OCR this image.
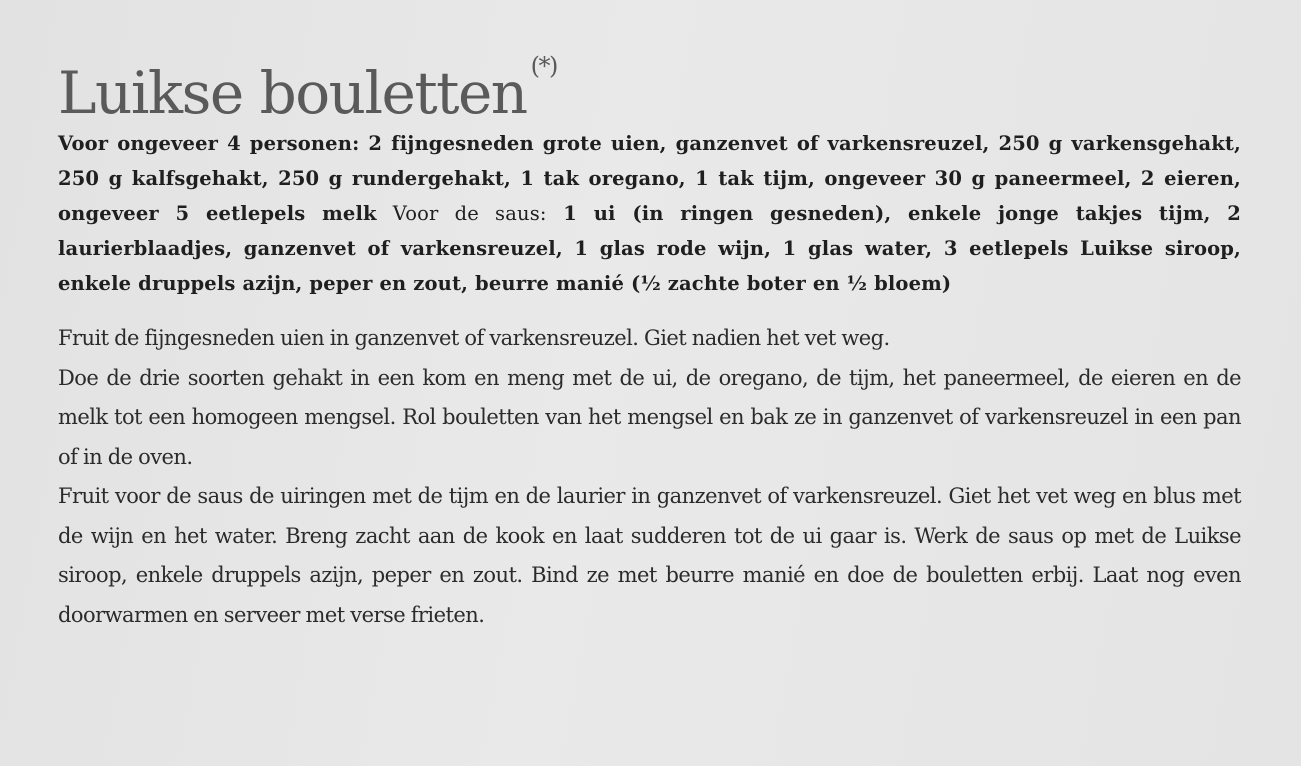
Luikse bouletten (*)

Voor ongeveer 4 personen: 2 fijngesneden grote uien, ganzenvet of varkensreuzel, 250 g varkensgehakt, 250 g kalfsgehakt, 250 g rundergehakt, 1 tak oregano, 1 tak tijm, ongeveer 30 g paneermeel, 2 eieren, ongeveer 5 eetlepels melk Voor de saus: 1 ui (in ringen gesneden), enkele jonge takjes tijm, 2 laurierblaadjes, ganzenvet of varkensreuzel, 1 glas rode wijn, 1 glas water, 3 eetlepels Luikse siroop, enkele druppels azijn, peper en zout, beurre manié (½ zachte boter en ½ bloem)

Fruit de fijngesneden uien in ganzenvet of varkensreuzel. Giet nadien het vet weg.

Doe de drie soorten gehakt in een kom en meng met de ui, de oregano, de tijm, het paneermeel, de eieren en de melk tot een homogeen mengsel. Rol bouletten van het mengsel en bak ze in ganzenvet of varkensreuzel in een pan of in de oven.

Fruit voor de saus de uiringen met de tijm en de laurier in ganzenvet of varkensreuzel. Giet het vet weg en blus met de wijn en het water. Breng zacht aan de kook en laat sudderen tot de ui gaar is. Werk de saus op met de Luikse siroop, enkele druppels azijn, peper en zout. Bind ze met beurre manié en doe de bouletten erbij. Laat nog even doorwarmen en serveer met verse frieten.
